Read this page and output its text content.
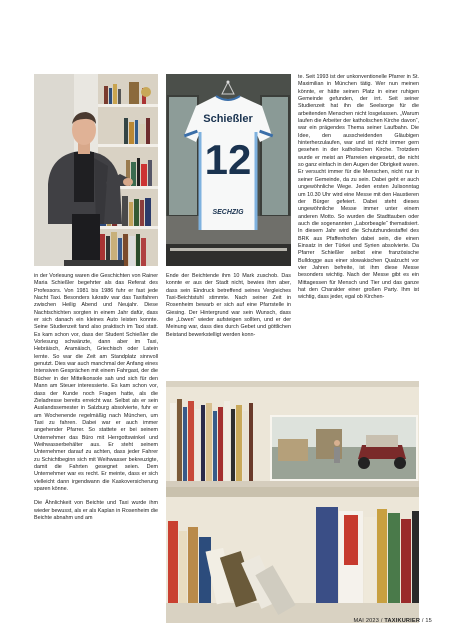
Schießler
12
SECHZIG

in der Vorlesung waren die Geschichten von Rainer Maria Schießler begehrter als das Referat des Professors. Von 1981 bis 1986 fuhr er fast jede Nacht Taxi. Besonders lukrativ war das Taxifahren zwischen Heilig Abend und Neujahr. Diese Nachtschichten sorgten in einem Jahr dafür, dass er sich danach ein kleines Auto leisten konnte. Seine Studienzeit fand also praktisch im Taxi statt. Es kam schon vor, dass der Student Schießler die Vorlesung schwänzte, dann aber im Taxi, Hebräisch, Aramäisch, Griechisch oder Latein lernte. So war die Zeit am Standplatz sinnvoll genutzt. Dies war auch manchmal der Anfang eines Intensiven Gesprächen mit einem Fahrgast, der die Bücher in der Mittelkonsole sah und sich für den Mann am Steuer interessierte. Es kam schon vor, dass der Kunde noch Fragen hatte, als die Zieladresse bereits erreicht war. Selbst als er sein Auslandssemester in Salzburg absolvierte, fuhr er am Wochenende regelmäßig nach München, um Taxi zu fahren. Dabei war er auch immer angehender Pfarrer. So stattete er bei seinem Unternehmer das Büro mit Herrgottswinkel und Weihwasserbehälter aus. Er steht seinem Unternehmer darauf zu achten, dass jeder Fahrer zu Schichtbeginn sich mit Weihwasser bekreuzigte, damit die Fahrten gesegnet seien. Dem Unternehmer war es recht. Er meinte, dass er sich vielleicht dann irgendwann die Kaskoversicherung sparen könne.

Die Ähnlichkeit von Beichte und Taxi wurde ihm wieder bewusst, als er als Kaplan in Rosenheim die Beichte abnahm und am

Ende der Beichtende ihm 10 Mark zuschob. Das konnte er aus der Stadt nicht, bewies ihm aber, dass sein Eindruck betreffend seines Vergleiches Taxi-Beichtstuhl stimmte. Nach seiner Zeit in Rosenheim bewarb er sich auf eine Pfarrstelle in Giesing. Der Hintergrund war sein Wunsch, dass die „Löwen“ wieder aufsteigen sollten, und er der Meinung war, dass dies durch Gebet und göttlichen Beistand bewerkstelligt werden konn-

te. Seit 1993 ist der unkonventionelle Pfarrer in St. Maximilian in München tätig. Wer nun meinen könnte, er hätte seinen Platz in einer ruhigen Gemeinde gefunden, der irrt. Seit seiner Studienzeit hat ihn die Seelsorge für die arbeitenden Menschen nicht losgelassen. „Warum laufen die Arbeiter der katholischen Kirche davon“, war ein prägendes Thema seiner Laufbahn. Die Idee, den ausscheidenden Gläubigen hinterherzulaufen, war und ist nicht immer gern gesehen in der katholischen Kirche. Trotzdem wurde er meist an Pfarreien eingesetzt, die nicht so ganz einfach in den Augen der Obrigkeit waren. Er versucht immer für die Menschen, nicht nur in seiner Gemeinde, da zu sein. Dabei geht er auch ungewöhnliche Wege. Jeden ersten Julisonntag um 10.30 Uhr wird eine Messe mit den Haustieren der Bürger gefeiert. Dabei steht dieses ungewöhnliche Messe immer unter einem anderen Motto. So wurden die Stadttauben oder auch die sogenannten „Laborbeagle“ thematisiert. In diesem Jahr wird die Schutzhundestaffel des BRK aus Pfaffenhofen dabei sein, die einen Einsatz in der Türkei und Syrien absolvierte. Da Pfarrer Schießler selbst eine französische Bulldogge aus einer slowakischen Qualzucht vor vier Jahren befreite, ist ihm diese Messe besonders wichtig. Nach der Messe gibt es ein Mittagessen für Mensch und Tier und das ganze hat den Charakter einer großen Party. Ihm ist wichtig, dass jeder, egal ob Kirchen-

MAI 2023 / TAXIKURIER / 15
